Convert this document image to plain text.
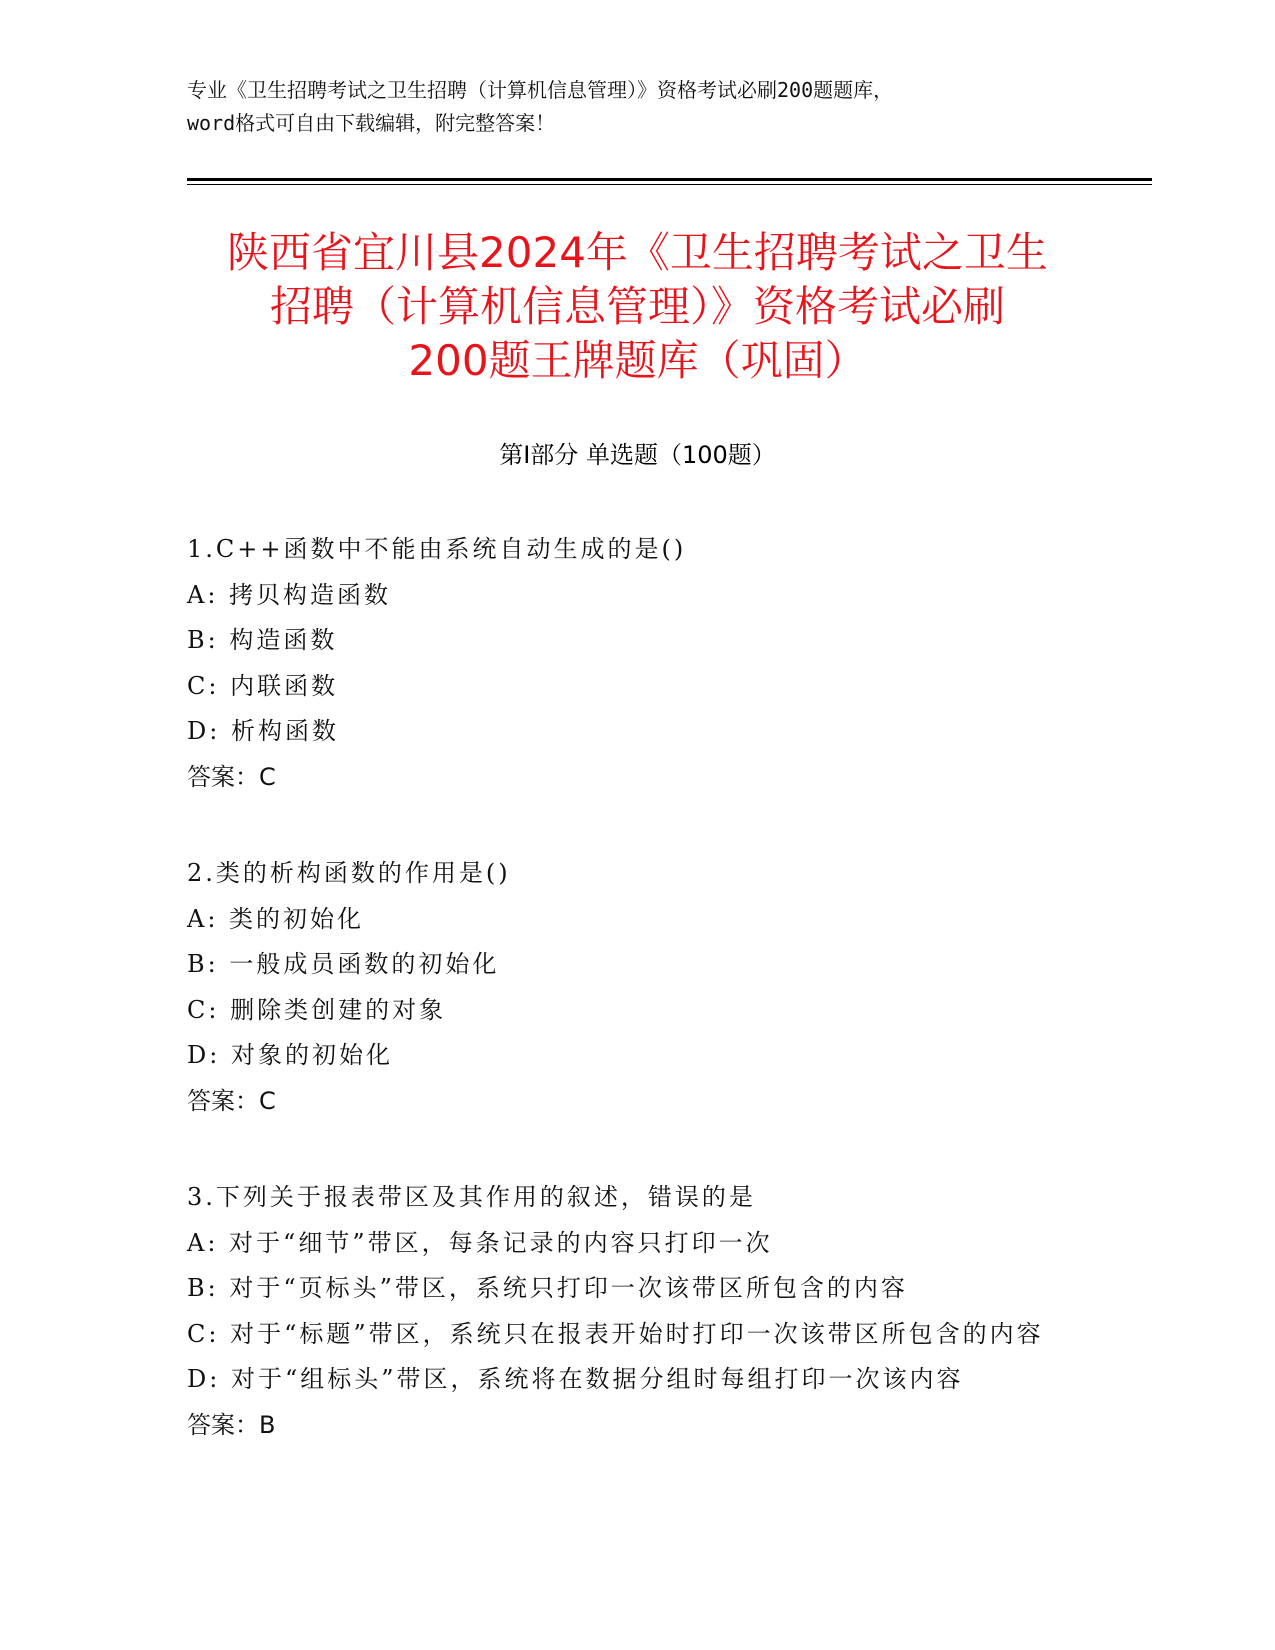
专业《卫生招聘考试之卫生招聘（计算机信息管理）》资格考试必刷200题题库，
word格式可自由下载编辑，附完整答案！
陕西省宜川县2024年《卫生招聘考试之卫生
招聘（计算机信息管理）》资格考试必刷
200题王牌题库（巩固）
第Ⅰ部分 单选题（100题）
1.C++函数中不能由系统自动生成的是()
A: 拷贝构造函数
B: 构造函数
C: 内联函数
D: 析构函数
答案：C
2.类的析构函数的作用是()
A: 类的初始化
B: 一般成员函数的初始化
C: 删除类创建的对象
D: 对象的初始化
答案：C
3.下列关于报表带区及其作用的叙述，错误的是
A: 对于“细节”带区，每条记录的内容只打印一次
B: 对于“页标头”带区，系统只打印一次该带区所包含的内容
C: 对于“标题”带区，系统只在报表开始时打印一次该带区所包含的内容
D: 对于“组标头”带区，系统将在数据分组时每组打印一次该内容
答案：B
